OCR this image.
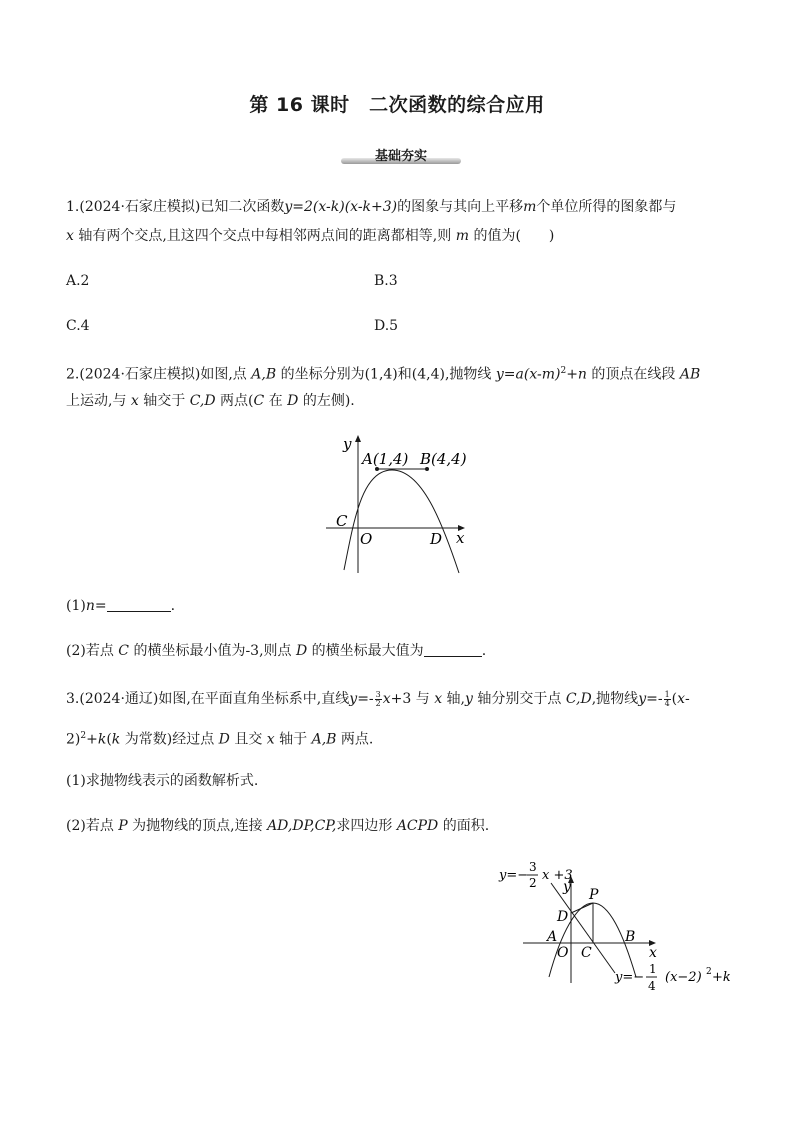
第 16 课时　二次函数的综合应用
基础夯实
1.(2024·石家庄模拟)已知二次函数y=2(x-k)(x-k+3)的图象与其向上平移m个单位所得的图象都与
x 轴有两个交点,且这四个交点中每相邻两点间的距离都相等,则 m 的值为(　　)
A.2	B.3
C.4	D.5
2.(2024·石家庄模拟)如图,点 A,B 的坐标分别为(1,4)和(4,4),抛物线 $y=a(x-m)^2+n$ 的顶点在线段 AB
上运动,与 x 轴交于 C,D 两点(C 在 D 的左侧).
y
A(1,4) B(4,4)
C
O	D x
(1)n=	.
(2)若点 C 的横坐标最小值为-3,则点 D 的横坐标最大值为	.
3.(2024·通辽)如图,在平面直角坐标系中,直线$y=- \frac{3}{2} x+3$ 与 x 轴,y 轴分别交于点 C,D,抛物线$y=- \frac{1}{4} (x-$
2)$^2$+k(k 为常数)经过点 D 且交 x 轴于 A,B 两点.
(1)求抛物线表示的函数解析式.
(2)若点 P 为抛物线的顶点,连接 AD,DP,CP,求四边形 ACPD 的面积.
y=−
3
2 x +3
y P
D
A
O C
B
x
y=−
1
4
(x−2) 2 +k
